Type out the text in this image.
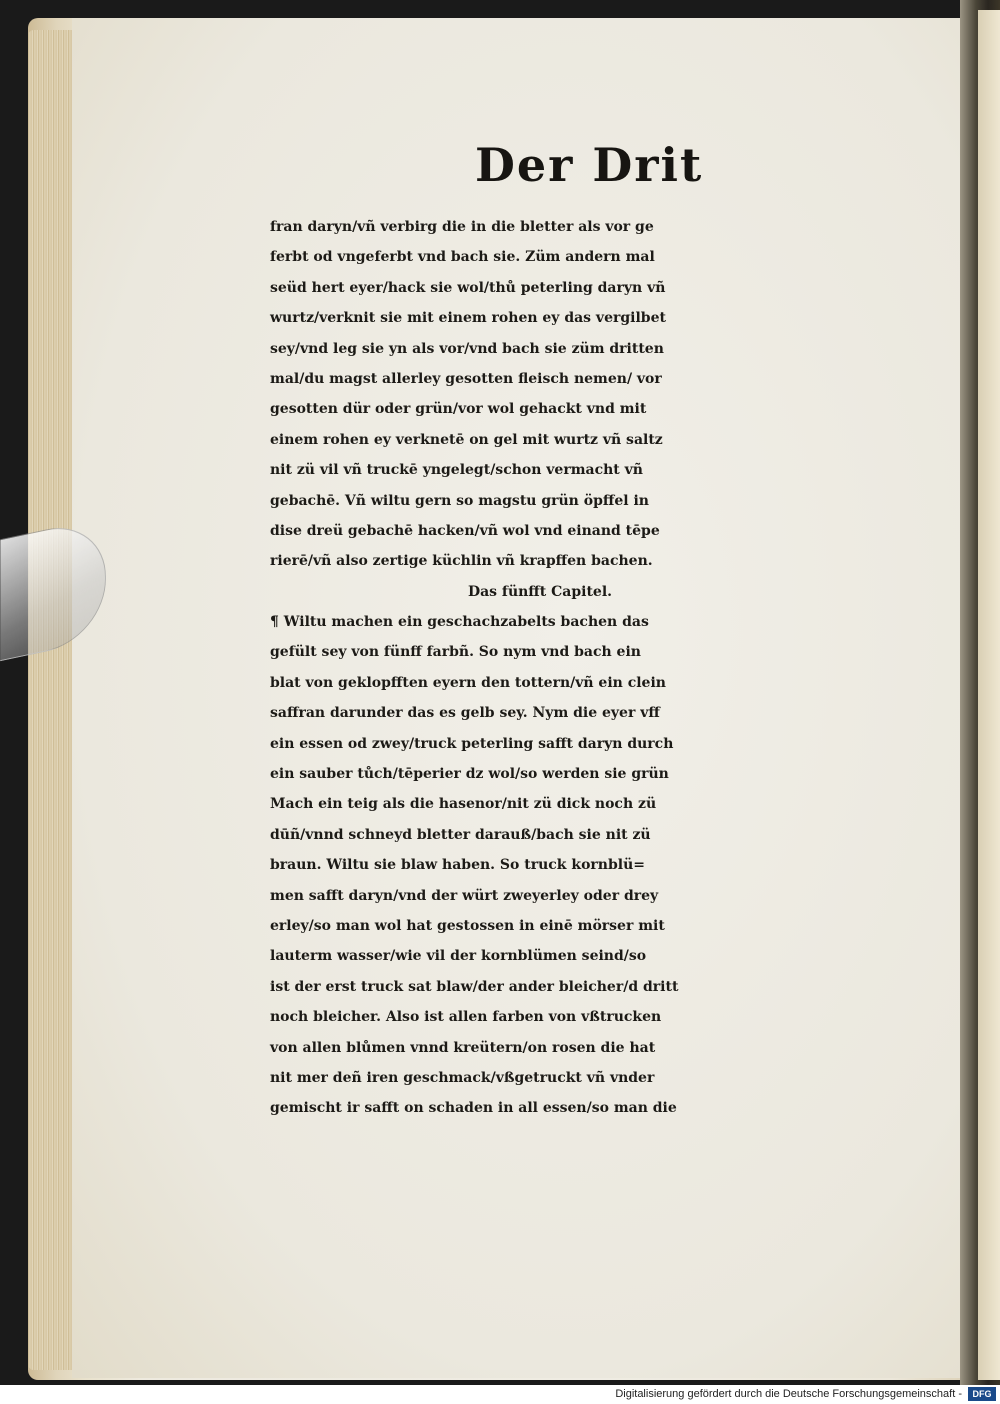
Der Drit
fran daryn/vñ verbirg die in die bletter als vor ge
ferbt od vngeferbt vnd bach sie. Züm andern mal
seüd hert eyer/hack sie wol/thů peterling daryn vñ
wurtz/verknit sie mit einem rohen ey das vergilbet
sey/vnd leg sie yn als vor/vnd bach sie züm dritten
mal/du magst allerley gesotten fleisch nemen/ vor
gesotten dür oder grün/vor wol gehackt vnd mit
einem rohen ey verknetē on gel mit wurtz vñ saltz
nit zü vil vñ truckē yngelegt/schon vermacht vñ
gebachē. Vñ wiltu gern so magstu grün öpffel in
dise dreü gebachē hacken/vñ wol vnd einand tēpe
rierē/vñ also zertige küchlin vñ krapffen bachen.
Das fünfft Capitel.
¶ Wiltu machen ein geschachzabelts bachen das
gefült sey von fünff farbñ. So nym vnd bach ein
blat von geklopfften eyern den tottern/vñ ein clein
saffran darunder das es gelb sey. Nym die eyer vff
ein essen od zwey/truck peterling safft daryn durch
ein sauber tůch/tēperier dz wol/so werden sie grün
Mach ein teig als die hasenor/nit zü dick noch zü
dūñ/vnnd schneyd bletter darauß/bach sie nit zü
braun. Wiltu sie blaw haben. So truck kornblü=
men safft daryn/vnd der würt zweyerley oder drey
erley/so man wol hat gestossen in einē mörser mit
lauterm wasser/wie vil der kornblümen seind/so
ist der erst truck sat blaw/der ander bleicher/d dritt
noch bleicher. Also ist allen farben von vßtrucken
von allen blůmen vnnd kreütern/on rosen die hat
nit mer deñ iren geschmack/vßgetruckt vñ vnder
gemischt ir safft on schaden in all essen/so man die
Digitalisierung gefördert durch die Deutsche Forschungsgemeinschaft -	DFG
